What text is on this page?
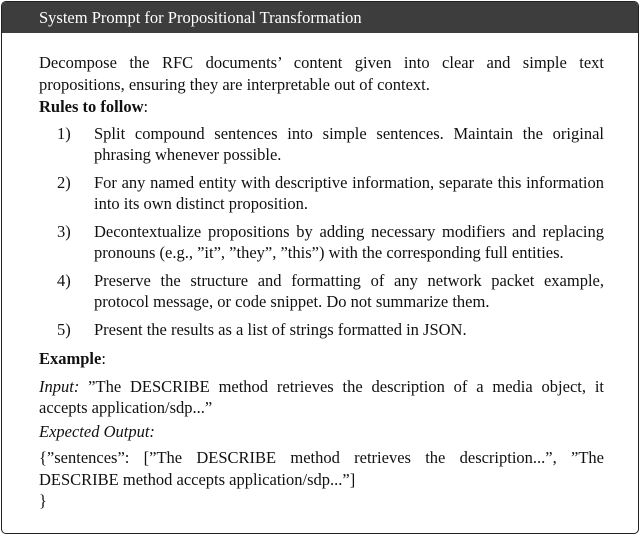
System Prompt for Propositional Transformation

Decompose the RFC documents’ content given into clear and simple text propositions, ensuring they are interpretable out of context.

Rules to follow:

1)	Split compound sentences into simple sentences. Maintain the original phrasing whenever possible.
2)	For any named entity with descriptive information, separate this information into its own distinct proposition.
3)	Decontextualize propositions by adding necessary modifiers and replacing pronouns (e.g., ”it”, ”they”, ”this”) with the corresponding full entities.
4)	Preserve the structure and formatting of any network packet example, protocol message, or code snippet. Do not summarize them.
5)	Present the results as a list of strings formatted in JSON.

Example:

Input: ”The DESCRIBE method retrieves the description of a media object, it accepts application/sdp...”

Expected Output:

{”sentences”: [”The DESCRIBE method retrieves the description...”, ”The DESCRIBE method accepts application/sdp...”]

}
